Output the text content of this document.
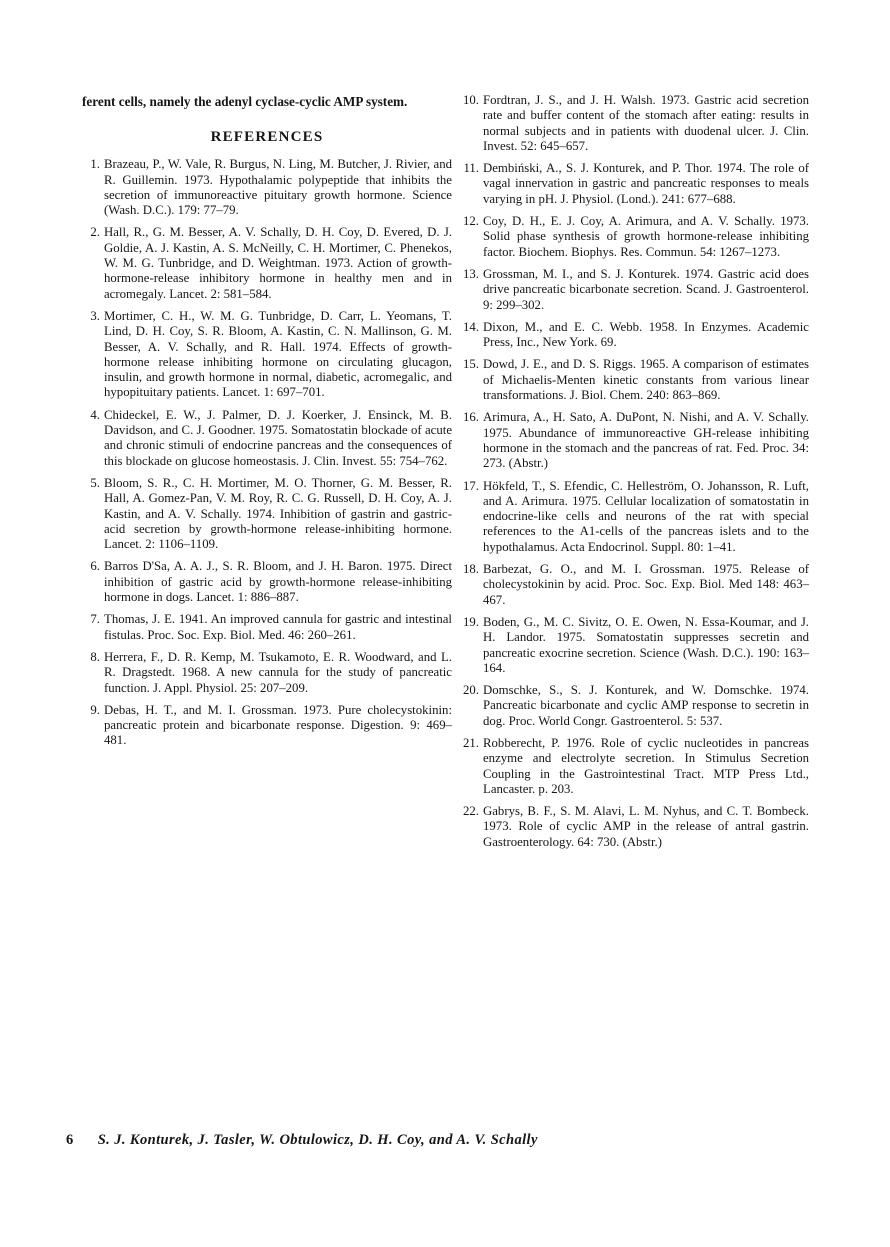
ferent cells, namely the adenyl cyclase-cyclic AMP system.

REFERENCES
1. Brazeau, P., W. Vale, R. Burgus, N. Ling, M. Butcher, J. Rivier, and R. Guillemin. 1973. Hypothalamic polypeptide that inhibits the secretion of immunoreactive pituitary growth hormone. Science (Wash. D.C.). 179: 77–79.
2. Hall, R., G. M. Besser, A. V. Schally, D. H. Coy, D. Evered, D. J. Goldie, A. J. Kastin, A. S. McNeilly, C. H. Mortimer, C. Phenekos, W. M. G. Tunbridge, and D. Weightman. 1973. Action of growth-hormone-release inhibitory hormone in healthy men and in acromegaly. Lancet. 2: 581–584.
3. Mortimer, C. H., W. M. G. Tunbridge, D. Carr, L. Yeomans, T. Lind, D. H. Coy, S. R. Bloom, A. Kastin, C. N. Mallinson, G. M. Besser, A. V. Schally, and R. Hall. 1974. Effects of growth-hormone release inhibiting hormone on circulating glucagon, insulin, and growth hormone in normal, diabetic, acromegalic, and hypopituitary patients. Lancet. 1: 697–701.
4. Chideckel, E. W., J. Palmer, D. J. Koerker, J. Ensinck, M. B. Davidson, and C. J. Goodner. 1975. Somatostatin blockade of acute and chronic stimuli of endocrine pancreas and the consequences of this blockade on glucose homeostasis. J. Clin. Invest. 55: 754–762.
5. Bloom, S. R., C. H. Mortimer, M. O. Thorner, G. M. Besser, R. Hall, A. Gomez-Pan, V. M. Roy, R. C. G. Russell, D. H. Coy, A. J. Kastin, and A. V. Schally. 1974. Inhibition of gastrin and gastric-acid secretion by growth-hormone release-inhibiting hormone. Lancet. 2: 1106–1109.
6. Barros D'Sa, A. A. J., S. R. Bloom, and J. H. Baron. 1975. Direct inhibition of gastric acid by growth-hormone release-inhibiting hormone in dogs. Lancet. 1: 886–887.
7. Thomas, J. E. 1941. An improved cannula for gastric and intestinal fistulas. Proc. Soc. Exp. Biol. Med. 46: 260–261.
8. Herrera, F., D. R. Kemp, M. Tsukamoto, E. R. Woodward, and L. R. Dragstedt. 1968. A new cannula for the study of pancreatic function. J. Appl. Physiol. 25: 207–209.
9. Debas, H. T., and M. I. Grossman. 1973. Pure cholecystokinin: pancreatic protein and bicarbonate response. Digestion. 9: 469–481.
10. Fordtran, J. S., and J. H. Walsh. 1973. Gastric acid secretion rate and buffer content of the stomach after eating: results in normal subjects and in patients with duodenal ulcer. J. Clin. Invest. 52: 645–657.
11. Dembiński, A., S. J. Konturek, and P. Thor. 1974. The role of vagal innervation in gastric and pancreatic responses to meals varying in pH. J. Physiol. (Lond.). 241: 677–688.
12. Coy, D. H., E. J. Coy, A. Arimura, and A. V. Schally. 1973. Solid phase synthesis of growth hormone-release inhibiting factor. Biochem. Biophys. Res. Commun. 54: 1267–1273.
13. Grossman, M. I., and S. J. Konturek. 1974. Gastric acid does drive pancreatic bicarbonate secretion. Scand. J. Gastroenterol. 9: 299–302.
14. Dixon, M., and E. C. Webb. 1958. In Enzymes. Academic Press, Inc., New York. 69.
15. Dowd, J. E., and D. S. Riggs. 1965. A comparison of estimates of Michaelis-Menten kinetic constants from various linear transformations. J. Biol. Chem. 240: 863–869.
16. Arimura, A., H. Sato, A. DuPont, N. Nishi, and A. V. Schally. 1975. Abundance of immunoreactive GH-release inhibiting hormone in the stomach and the pancreas of rat. Fed. Proc. 34: 273. (Abstr.)
17. Hökfeld, T., S. Efendic, C. Hellestrӧm, O. Johansson, R. Luft, and A. Arimura. 1975. Cellular localization of somatostatin in endocrine-like cells and neurons of the rat with special references to the A1-cells of the pancreas islets and to the hypothalamus. Acta Endocrinol. Suppl. 80: 1–41.
18. Barbezat, G. O., and M. I. Grossman. 1975. Release of cholecystokinin by acid. Proc. Soc. Exp. Biol. Med 148: 463–467.
19. Boden, G., M. C. Sivitz, O. E. Owen, N. Essa-Koumar, and J. H. Landor. 1975. Somatostatin suppresses secretin and pancreatic exocrine secretion. Science (Wash. D.C.). 190: 163–164.
20. Domschke, S., S. J. Konturek, and W. Domschke. 1974. Pancreatic bicarbonate and cyclic AMP response to secretin in dog. Proc. World Congr. Gastroenterol. 5: 537.
21. Robberecht, P. 1976. Role of cyclic nucleotides in pancreas enzyme and electrolyte secretion. In Stimulus Secretion Coupling in the Gastrointestinal Tract. MTP Press Ltd., Lancaster. p. 203.
22. Gabrys, B. F., S. M. Alavi, L. M. Nyhus, and C. T. Bombeck. 1973. Role of cyclic AMP in the release of antral gastrin. Gastroenterology. 64: 730. (Abstr.)
6 S. J. Konturek, J. Tasler, W. Obtulowicz, D. H. Coy, and A. V. Schally
